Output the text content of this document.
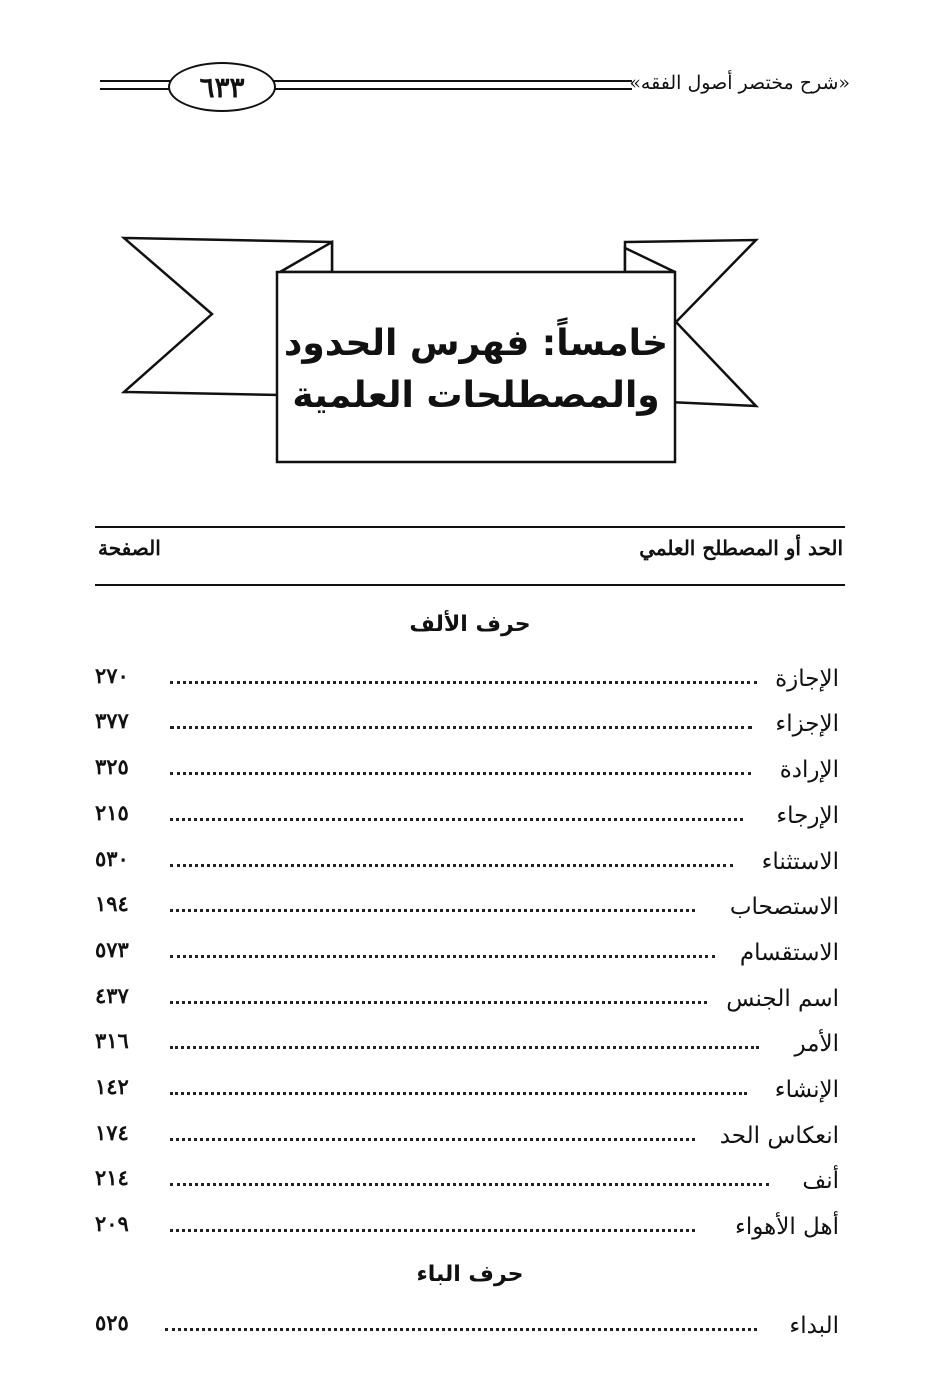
٦٣٣	«شرح مختصر أصول الفقه»
خامساً: فهرس الحدود
والمصطلحات العلمية
الحد أو المصطلح العلمي
الصفحة
حرف الألف
الإجازة
٢٧٠
الإجزاء
٣٧٧
الإرادة
٣٢٥
الإرجاء
٢١٥
الاستثناء
٥٣٠
الاستصحاب
١٩٤
الاستقسام
٥٧٣
اسم الجنس
٤٣٧
الأمر
٣١٦
الإنشاء
١٤٢
انعكاس الحد
١٧٤
أنف
٢١٤
أهل الأهواء
٢٠٩
حرف الباء
البداء
٥٢٥
